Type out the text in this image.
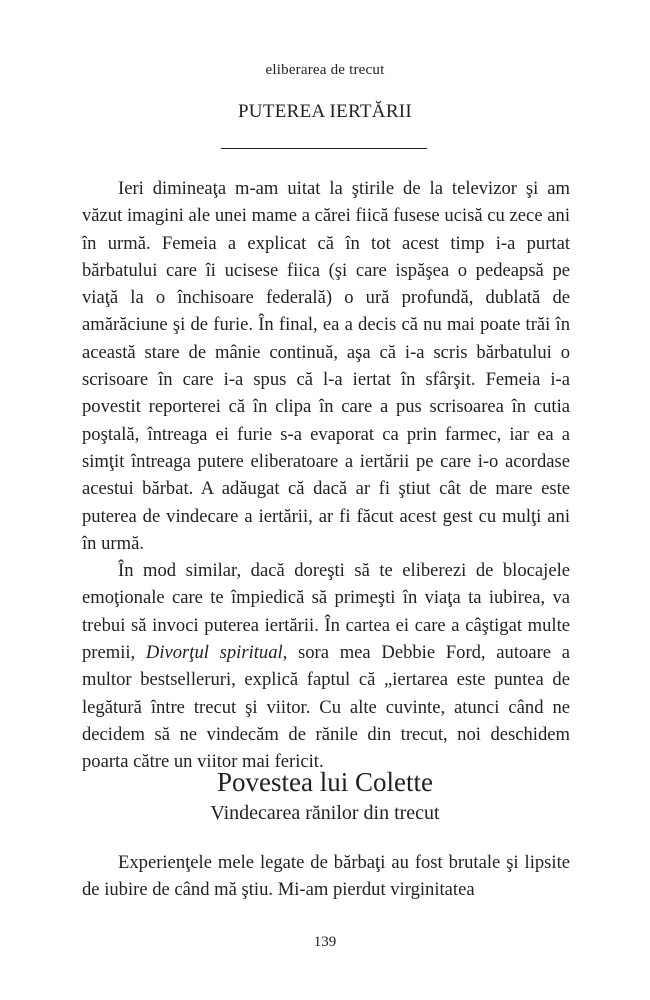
eliberarea de trecut
PUTEREA IERTĂRII

Ieri dimineaţa m-am uitat la ştirile de la televizor şi am văzut imagini ale unei mame a cărei fiică fusese ucisă cu zece ani în urmă. Femeia a explicat că în tot acest timp i-a purtat bărbatului care îi ucisese fiica (şi care ispăşea o pedeapsă pe viaţă la o închisoare federală) o ură profundă, dublată de amărăciune şi de furie. În final, ea a decis că nu mai poate trăi în această stare de mânie continuă, aşa că i-a scris bărbatului o scrisoare în care i-a spus că l-a iertat în sfârşit. Femeia i-a povestit reporterei că în clipa în care a pus scrisoarea în cutia poştală, întreaga ei furie s-a evaporat ca prin farmec, iar ea a simţit întreaga putere eliberatoare a iertării pe care i-o acordase acestui bărbat. A adăugat că dacă ar fi ştiut cât de mare este puterea de vindecare a iertării, ar fi făcut acest gest cu mulţi ani în urmă.

În mod similar, dacă doreşti să te eliberezi de blocajele emoţionale care te împiedică să primeşti în viaţa ta iubirea, va trebui să invoci puterea iertării. În cartea ei care a câştigat multe premii, Divorţul spiritual, sora mea Debbie Ford, autoare a multor bestselleruri, explică faptul că „iertarea este puntea de legătură între trecut şi viitor. Cu alte cuvinte, atunci când ne decidem să ne vindecăm de rănile din trecut, noi deschidem poarta către un viitor mai fericit.

Povestea lui Colette
Vindecarea rănilor din trecut

Experienţele mele legate de bărbaţi au fost brutale şi lipsite de iubire de când mă ştiu. Mi-am pierdut virginitatea

139
